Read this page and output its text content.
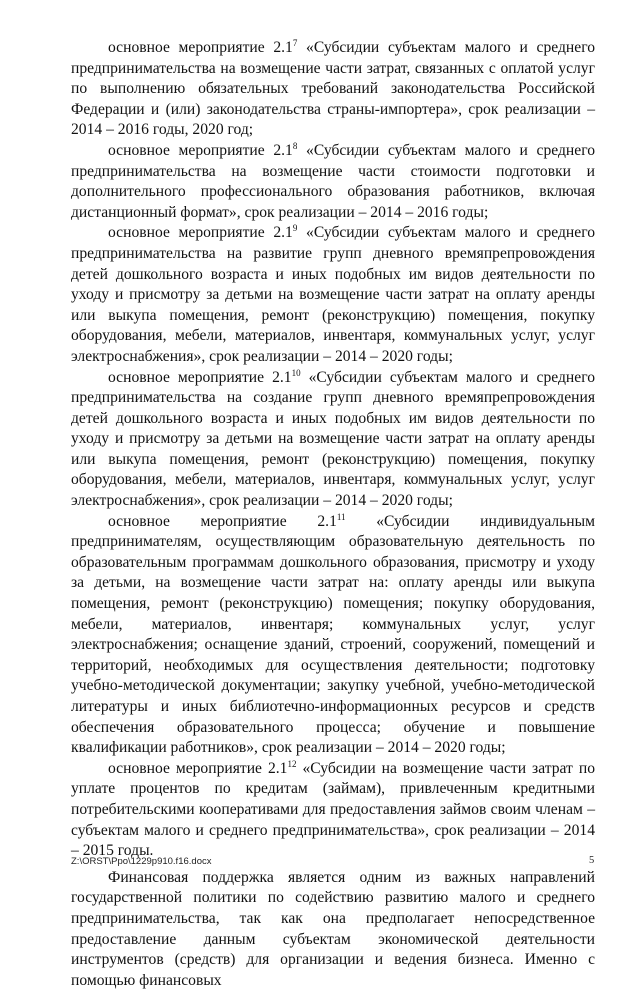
основное мероприятие $2.1^7$ «Субсидии субъектам малого и среднего предпринимательства на возмещение части затрат, связанных с оплатой услуг по выполнению обязательных требований законодательства Российской Федерации и (или) законодательства страны-импортера», срок реализации – 2014 – 2016 годы, 2020 год;

основное мероприятие $2.1^8$ «Субсидии субъектам малого и среднего предпринимательства на возмещение части стоимости подготовки и дополнительного профессионального образования работников, включая дистанционный формат», срок реализации – 2014 – 2016 годы;

основное мероприятие $2.1^9$ «Субсидии субъектам малого и среднего предпринимательства на развитие групп дневного времяпрепровождения детей дошкольного возраста и иных подобных им видов деятельности по уходу и присмотру за детьми на возмещение части затрат на оплату аренды или выкупа помещения, ремонт (реконструкцию) помещения, покупку оборудования, мебели, материалов, инвентаря, коммунальных услуг, услуг электроснабжения», срок реализации – 2014 – 2020 годы;

основное мероприятие $2.1^{10}$ «Субсидии субъектам малого и среднего предпринимательства на создание групп дневного времяпрепровождения детей дошкольного возраста и иных подобных им видов деятельности по уходу и присмотру за детьми на возмещение части затрат на оплату аренды или выкупа помещения, ремонт (реконструкцию) помещения, покупку оборудования, мебели, материалов, инвентаря, коммунальных услуг, услуг электроснабжения», срок реализации – 2014 – 2020 годы;

основное мероприятие $2.1^{11}$ «Субсидии индивидуальным предпринимателям, осуществляющим образовательную деятельность по образовательным программам дошкольного образования, присмотру и уходу за детьми, на возмещение части затрат на: оплату аренды или выкупа помещения, ремонт (реконструкцию) помещения; покупку оборудования, мебели, материалов, инвентаря; коммунальных услуг, услуг электроснабжения; оснащение зданий, строений, сооружений, помещений и территорий, необходимых для осуществления деятельности; подготовку учебно-методической документации; закупку учебной, учебно-методической литературы и иных библиотечно-информационных ресурсов и средств обеспечения образовательного процесса; обучение и повышение квалификации работников», срок реализации – 2014 – 2020 годы;

основное мероприятие $2.1^{12}$ «Субсидии на возмещение части затрат по уплате процентов по кредитам (займам), привлеченным кредитными потребительскими кооперативами для предоставления займов своим членам – субъектам малого и среднего предпринимательства», срок реализации – 2014 – 2015 годы.

Финансовая поддержка является одним из важных направлений государственной политики по содействию развитию малого и среднего предпринимательства, так как она предполагает непосредственное предоставление данным субъектам экономической деятельности инструментов (средств) для организации и ведения бизнеса. Именно с помощью финансовых

Z:\ORST\Ppo\1229p910.f16.docx	5
